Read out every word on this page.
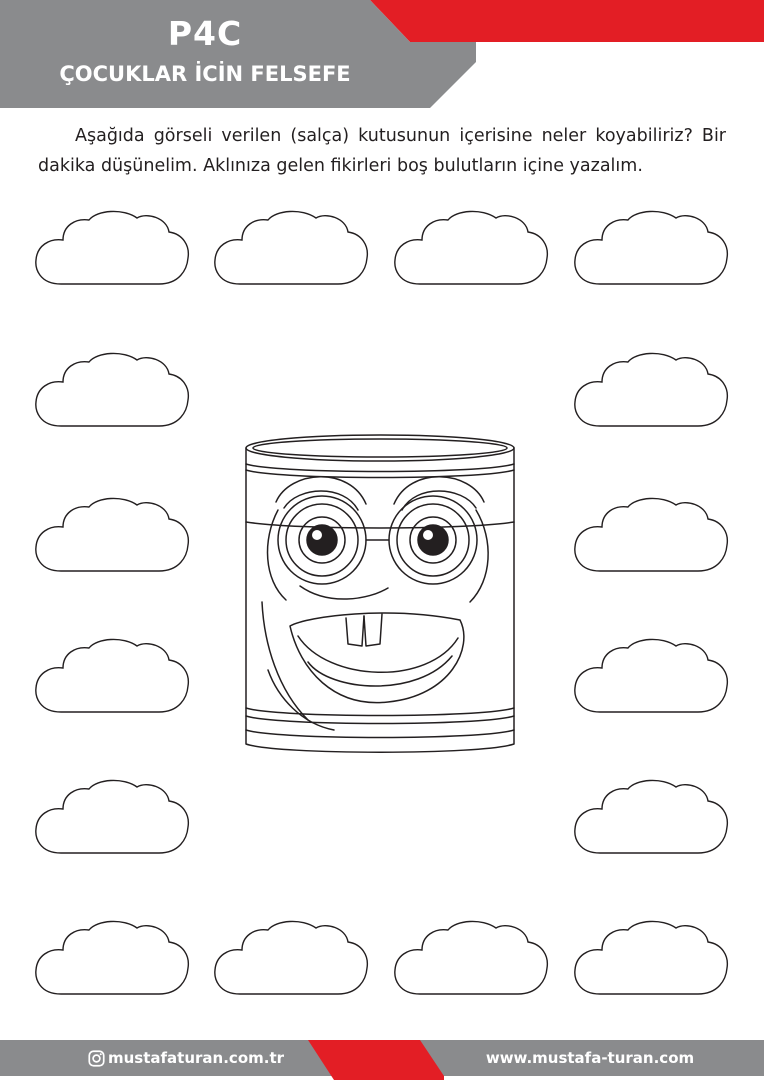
P4C
ÇOCUKLAR İCİN FELSEFE

Aşağıda görseli verilen (salça) kutusunun içerisine neler koyabiliriz? Bir dakika düşünelim. Aklınıza gelen fikirleri boş bulutların içine yazalım.

mustafaturan.com.tr	www.mustafa-turan.com
